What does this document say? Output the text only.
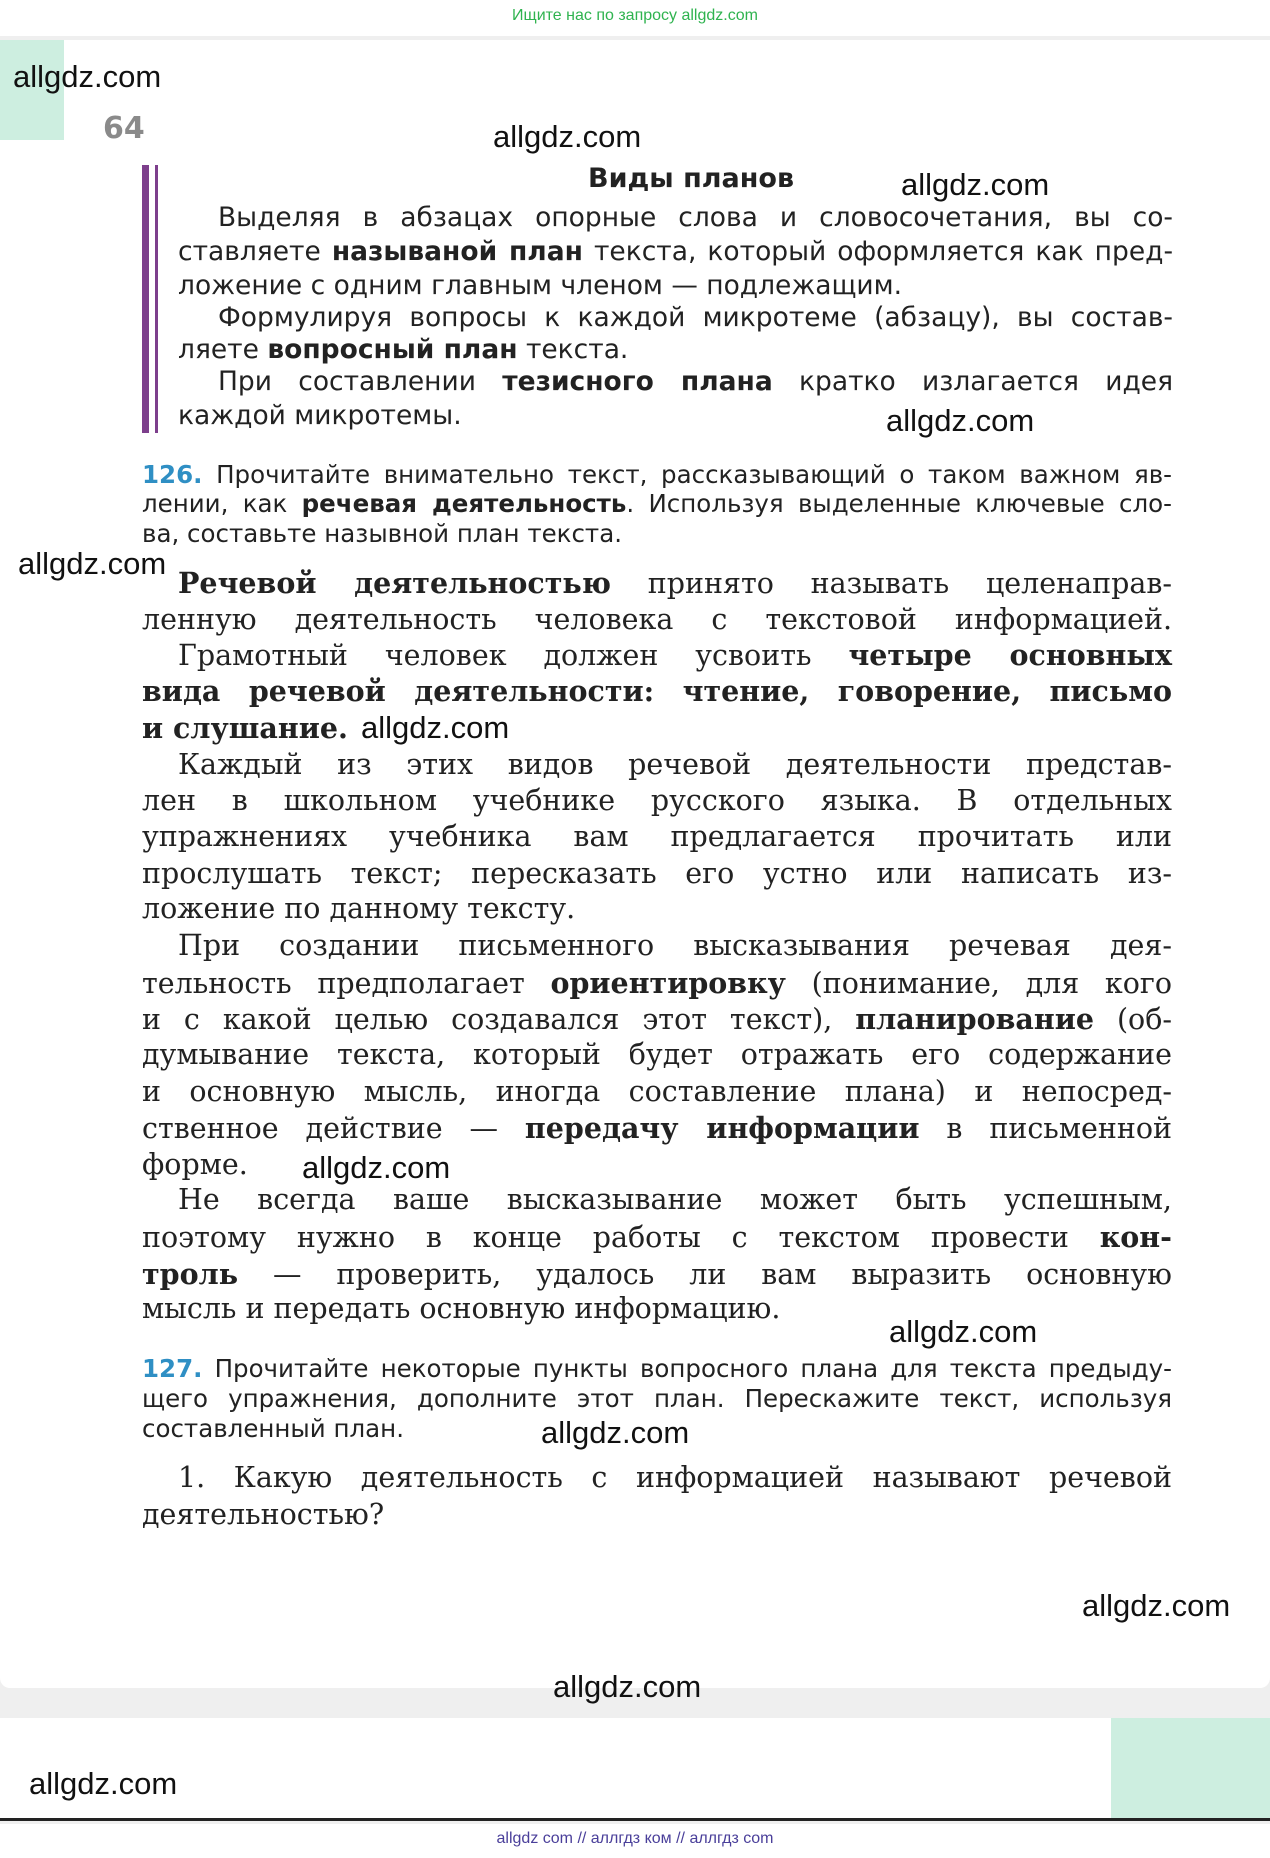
Ищите нас по запросу allgdz.com
allgdz com // аллгдз ком // аллгдз com
64
Виды планов
Выделяя в абзацах опорные слова и словосочетания, вы со-
ставляете называной план текста, который оформляется как пред-
ложение с одним главным членом — подлежащим.
Формулируя вопросы к каждой микротеме (абзацу), вы состав-
ляете вопросный план текста.
При составлении тезисного плана кратко излагается идея
каждой микротемы.
126. Прочитайте внимательно текст, рассказывающий о таком важном яв-
лении, как речевая деятельность. Используя выделенные ключевые сло-
ва, составьте назывной план текста.
Речевой деятельностью принято называть целенаправ-
ленную деятельность человека с текстовой информацией.
Грамотный человек должен усвоить четыре основных
вида речевой деятельности: чтение, говорение, письмо
и слушание.
Каждый из этих видов речевой деятельности представ-
лен в школьном учебнике русского языка. В отдельных
упражнениях учебника вам предлагается прочитать или
прослушать текст; пересказать его устно или написать из-
ложение по данному тексту.
При создании письменного высказывания речевая дея-
тельность предполагает ориентировку (понимание, для кого
и с какой целью создавался этот текст), планирование (об-
думывание текста, который будет отражать его содержание
и основную мысль, иногда составление плана) и непосред-
ственное действие — передачу информации в письменной
форме.
Не всегда ваше высказывание может быть успешным,
поэтому нужно в конце работы с текстом провести кон-
троль — проверить, удалось ли вам выразить основную
мысль и передать основную информацию.
127. Прочитайте некоторые пункты вопросного плана для текста предыду-
щего упражнения, дополните этот план. Перескажите текст, используя
составленный план.
1. Какую деятельность с информацией называют речевой
деятельностью?
allgdz.com
allgdz.com
allgdz.com
allgdz.com
allgdz.com
allgdz.com
allgdz.com
allgdz.com
allgdz.com
allgdz.com
allgdz.com
allgdz.com
